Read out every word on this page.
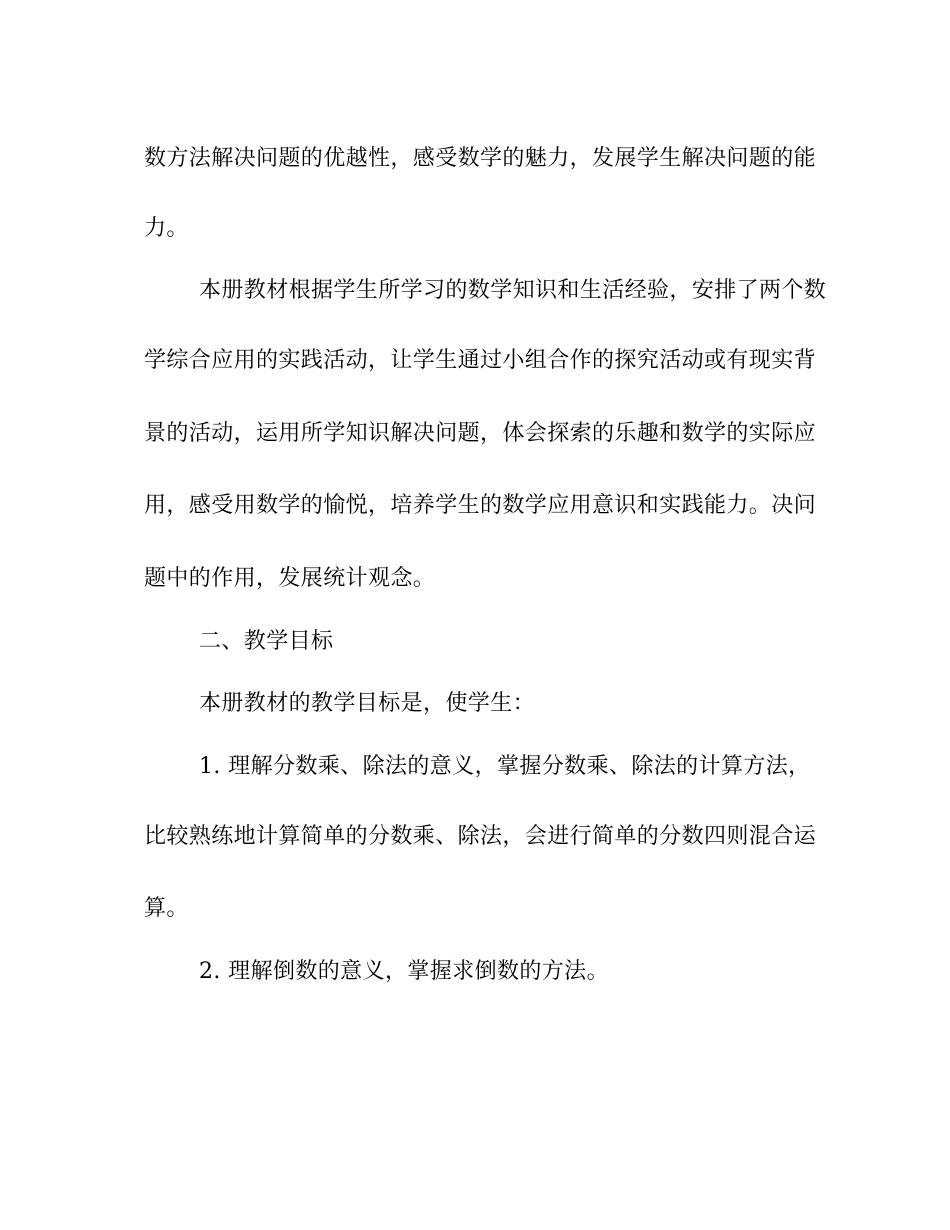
数方法解决问题的优越性，感受数学的魅力，发展学生解决问题的能
力。
本册教材根据学生所学习的数学知识和生活经验，安排了两个数
学综合应用的实践活动，让学生通过小组合作的探究活动或有现实背
景的活动，运用所学知识解决问题，体会探索的乐趣和数学的实际应
用，感受用数学的愉悦，培养学生的数学应用意识和实践能力。决问
题中的作用，发展统计观念。
二、教学目标
本册教材的教学目标是，使学生：
1. 理解分数乘、除法的意义，掌握分数乘、除法的计算方法，
比较熟练地计算简单的分数乘、除法，会进行简单的分数四则混合运
算。
2. 理解倒数的意义，掌握求倒数的方法。
